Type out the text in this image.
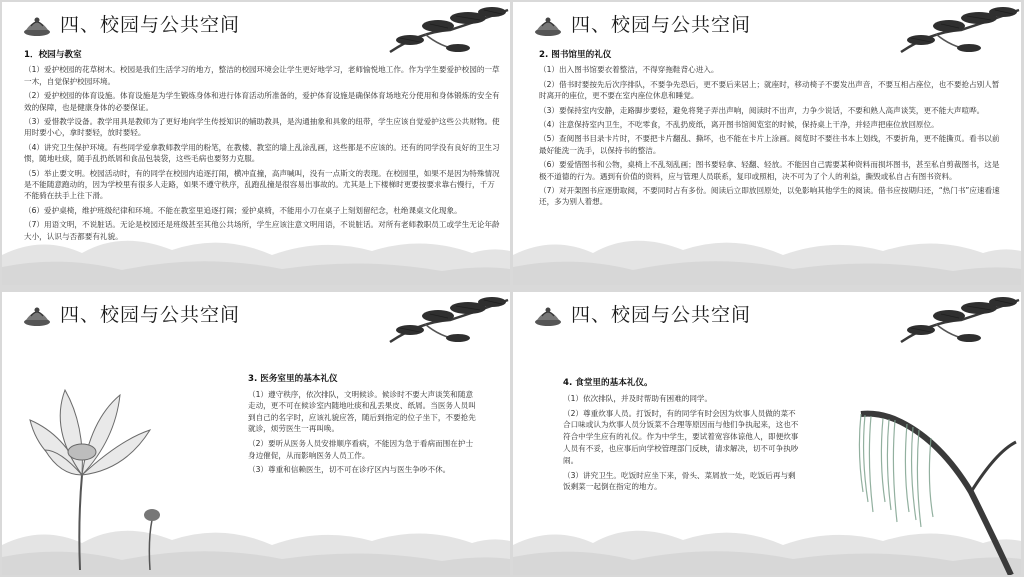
四、校园与公共空间
1．校园与教室

（1）爱护校园的花草树木。校园是我们生活学习的地方，整洁的校园环境会让学生更好地学习，老师愉悦地工作。作为学生要爱护校园的一草一木，自觉保护校园环境。

（2）爱护校园的体育设施。体育设施是为学生锻炼身体和进行体育活动所准备的，爱护体育设施是确保体育场地充分使用和身体锻炼的安全有效的保障，也是健康身体的必要保证。

（3）爱惜教学设备。教学用具是教师为了更好地向学生传授知识的辅助教具，是沟通抽象和具象的纽带，学生应该自觉爱护这些公共财物。使用时要小心，拿时要轻，放时要轻。

（4）讲究卫生保护环境。有些同学爱拿教师教学用的粉笔，在教楼、教室的墙上乱涂乱画，这些都是不应该的。还有的同学没有良好的卫生习惯，随地吐痰，随手乱扔纸屑和食品包装袋，这些毛病也要努力克服。

（5）举止要文明。校园活动时，有的同学在校园内追逐打闹，横冲直撞，高声喊叫，没有一点斯文的表现。在校园里，如果不是因为特殊情况是不能随意跑动的，因为学校里有很多人走路，如果不遵守秩序，乱跑乱撞是很容易出事故的。尤其是上下楼梯时更要按要求靠右慢行，千万不能骑在扶手上往下滑。

（6）爱护桌椅，维护班级纪律和环境。不能在教室里追逐打闹；爱护桌椅，不能用小刀在桌子上刻划留纪念，杜绝课桌文化现象。

（7）用语文明，不说脏话。无论是校园还是班级甚至其他公共场所，学生应该注意文明用语，不说脏话。对所有老师教职员工或学生无论年龄大小，认识与否都要有礼貌。

四、校园与公共空间
2. 图书馆里的礼仪

（1）出入图书馆要衣着整洁，不得穿拖鞋背心进入。

（2）借书时要按先后次序排队，不要争先恐后，更不要后来居上；就座时，移动椅子不要发出声音，不要互相占座位，也不要抢占别人暂时离开的座位，更不要在室内座位休息和睡觉。

（3）要保持室内安静，走路脚步要轻，避免将凳子弄出声响，阅读时不出声，力争少说话，不要和熟人高声谈笑，更不能大声喧哗。

（4）注意保持室内卫生，不吃零食，不乱扔废纸，离开图书馆阅览室的时候，保持桌上干净，并轻声把座位放回原位。

（5）查阅图书目录卡片时，不要把卡片翻乱、撕坏，也不能在卡片上涂画。阅览时不要往书本上划线，不要折角，更不能撕页。看书以前最好能洗一洗手，以保持书的整洁。

（6）要爱惜图书和公物，桌椅上不乱刻乱画；图书要轻拿、轻翻、轻放。不能因自己需要某种资料而损坏图书，甚至私自剪裁图书，这是极不道德的行为。遇到有价值的资料，应与管理人员联系，复印或照相，决不可为了个人的利益，撕毁或私自占有图书资料。

（7）对开架图书应逐册取阅，不要同时占有多份。阅读后立即放回原处，以免影响其他学生的阅读。借书应按期归还，“热门书”应速看速还，多为别人着想。

四、校园与公共空间
3. 医务室里的基本礼仪

（1）遵守秩序，依次排队，文明候诊。候诊时不要大声谈笑和随意走动，更不可在候诊室内随地吐痰和乱丢果皮、纸屑。当医务人员叫到自己的名字时，应该礼貌应答，随后到指定的位子坐下，不要抢先就诊，烦劳医生一再叫唤。

（2）要听从医务人员安排顺序看病，不能因为急于看病而围在护士身边催促，从而影响医务人员工作。

（3）尊重和信赖医生，切不可在诊疗区内与医生争吵不休。

四、校园与公共空间
4. 食堂里的基本礼仪。

（1）依次排队，并及时帮助有困难的同学。

（2）尊重炊事人员。打饭时，有的同学有时会因为炊事人员做的菜不合口味或认为炊事人员分饭菜不合理等原因而与他们争执起来，这也不符合中学生应有的礼仪。作为中学生，要试着宽容体谅他人，即便炊事人员有不妥，也应事后向学校管理部门反映，请求解决，切不可争执吵闹。

（3）讲究卫生。吃饭时应坐下来，骨头、菜屑放一处，吃饭后再与剩饭剩菜一起倒在指定的地方。
